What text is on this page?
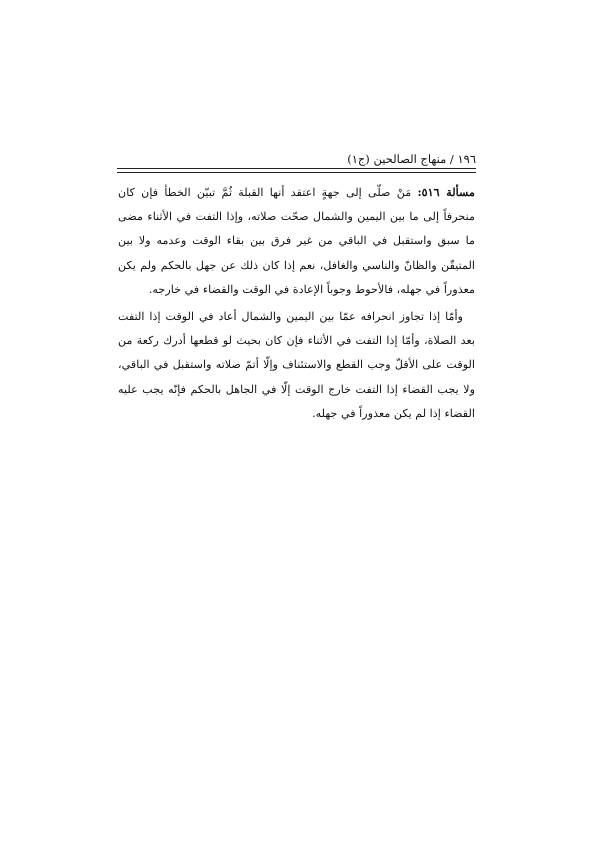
١٩٦ / منهاج الصالحين (ج١)

مسألة ٥١٦: مَنْ صلّى إلى جهةٍ اعتقد أنها القبلة ثُمَّ تبيّن الخطأ فإن كان منحرفاً إلى ما بين اليمين والشمال صحّت صلاته، وإذا التفت في الأثناء مضى ما سبق واستقبل في الباقي من غير فرق بين بقاء الوقت وعدمه ولا بين المتيقّن والظانّ والناسي والغافل، نعم إذا كان ذلك عن جهل بالحكم ولم يكن معذوراً في جهله، فالأحوط وجوباً الإعادة في الوقت والقضاء في خارجه.

وأمّا إذا تجاوز انحرافه عمّا بين اليمين والشمال أعاد في الوقت إذا التفت بعد الصلاة، وأمّا إذا التفت في الأثناء فإن كان بحيث لو قطعها أدرك ركعة من الوقت على الأقلّ وجب القطع والاستئناف وإلّا أتمّ صلاته واستقبل في الباقي، ولا يجب القضاء إذا التفت خارج الوقت إلّا في الجاهل بالحكم فإنّه يجب عليه القضاء إذا لم يكن معذوراً في جهله.
